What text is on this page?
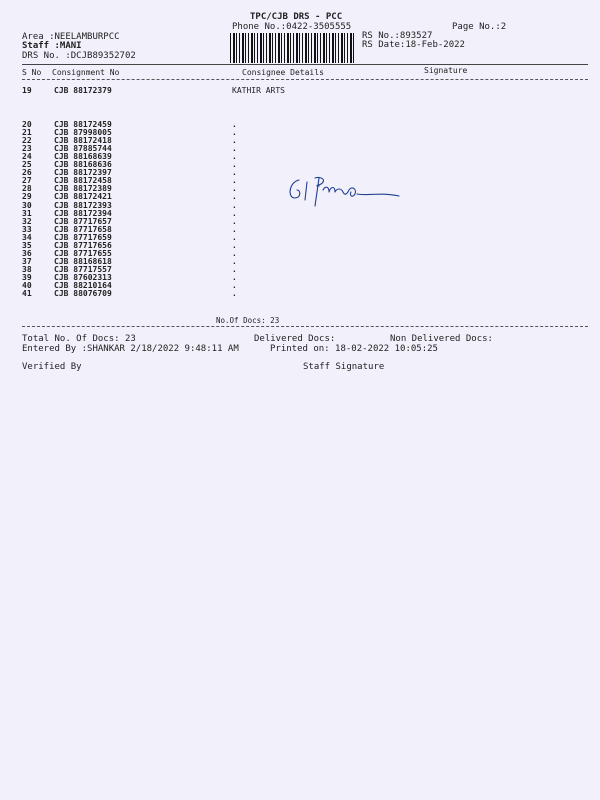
TPC/CJB DRS - PCC
Phone No.:0422-3505555	Page No.:2
Area :NEELAMBURPCC
Staff :MANI
DRS No. :DCJB89352702
RS No.:893527
RS Date:18-Feb-2022
S No Consignment No	Consignee Details	Signature
19	CJB 88172379	KATHIR ARTS
20	CJB 88172459	.
21	CJB 87998005	.
22	CJB 88172418	.
23	CJB 87885744	.
24	CJB 88168639	.
25	CJB 88168636	.
26	CJB 88172397	.
27	CJB 88172458	.
28	CJB 88172389	.
29	CJB 88172421	.
30	CJB 88172393	.
31	CJB 88172394	.
32	CJB 87717657	.
33	CJB 87717658	.
34	CJB 87717659	.
35	CJB 87717656	.
36	CJB 87717655	.
37	CJB 88168618	.
38	CJB 87717557	.
39	CJB 87602313	.
40	CJB 88210164	.
41	CJB 88076709	.
No.Of Docs: 23
Total No. Of Docs: 23	Delivered Docs:	Non Delivered Docs:
Entered By :SHANKAR 2/18/2022 9:48:11 AM	Printed on: 18-02-2022 10:05:25
Verified By	Staff Signature
